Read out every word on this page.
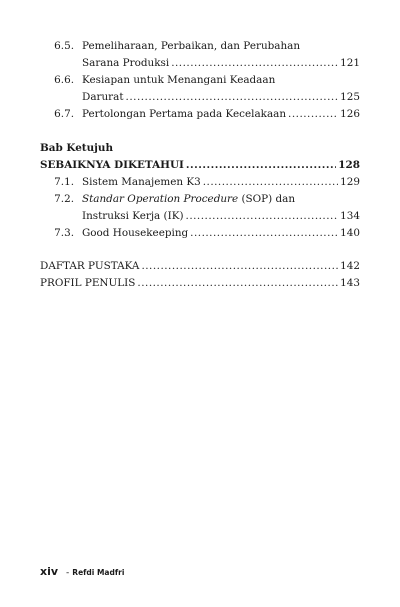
6.5. Pemeliharaan, Perbaikan, dan Perubahan
Sarana Produksi .....	121
6.6. Kesiapan untuk Menangani Keadaan
Darurat .....	125
6.7. Pertolongan Pertama pada Kecelakaan .....	126
Bab Ketujuh
SEBAIKNYA DIKETAHUI .....	128
7.1. Sistem Manajemen K3 .....	129
7.2. Standar Operation Procedure (SOP) dan
Instruksi Kerja (IK) .....	134
7.3. Good Housekeeping .....	140
DAFTAR PUSTAKA .....	142
PROFIL PENULIS .....	143
xiv - Refdi Madfri
